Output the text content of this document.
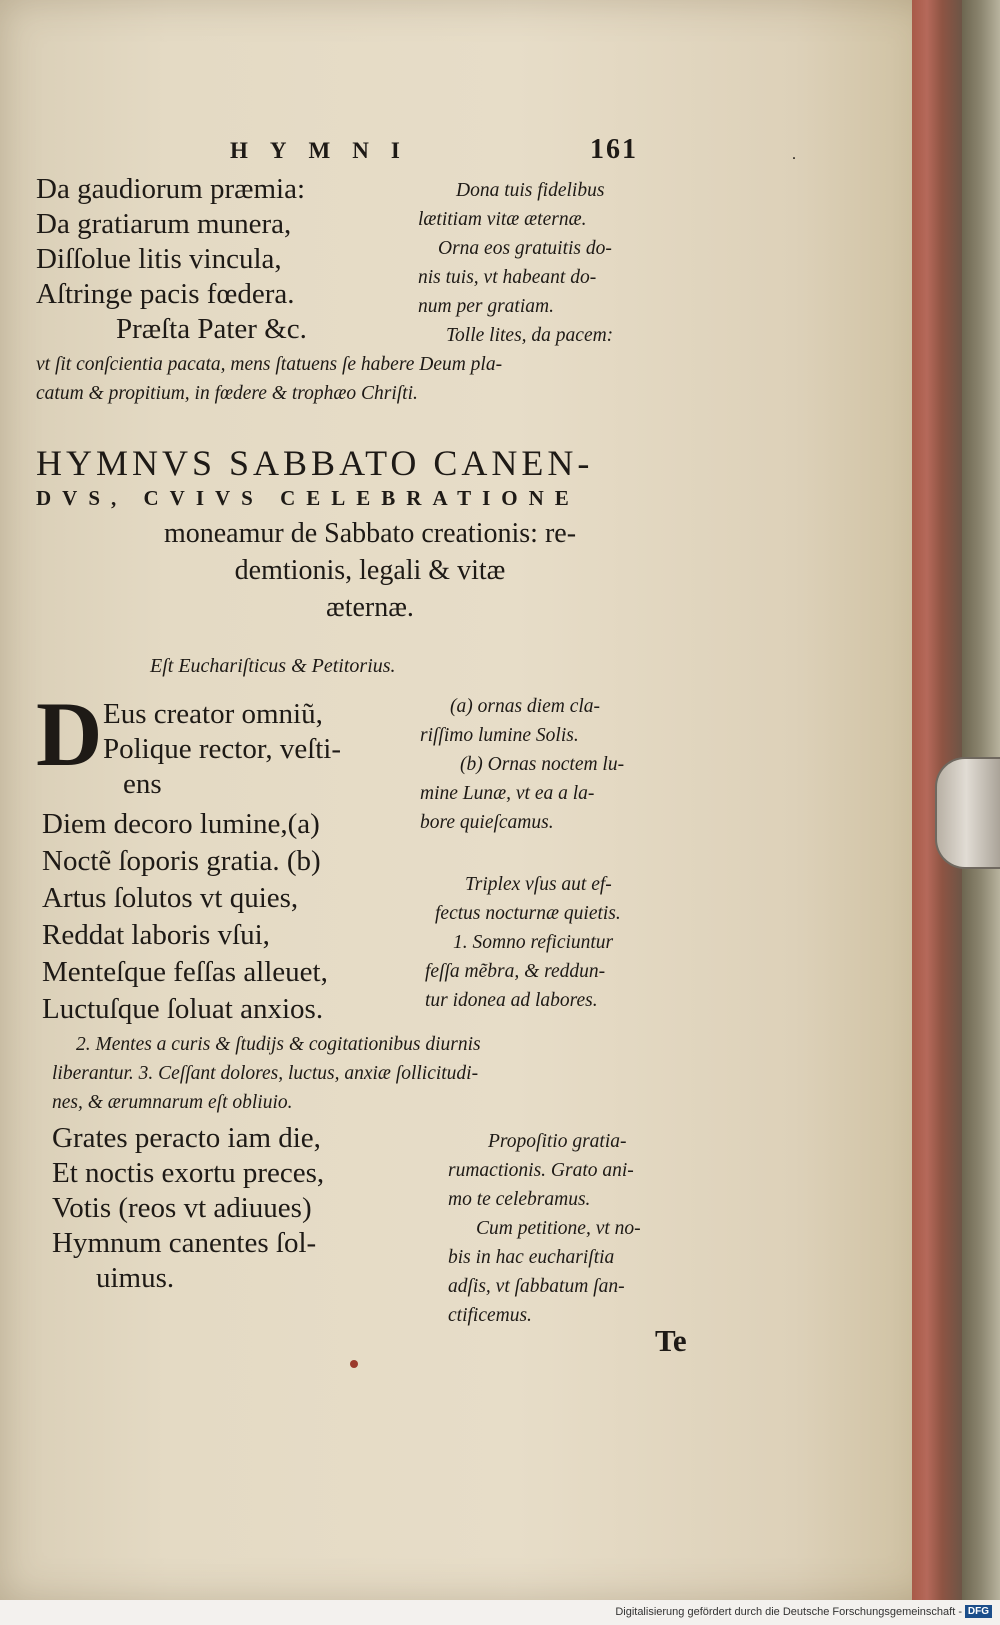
HYMNI	161	.
Da gaudiorum præmia:
Da gratiarum munera,
Diſſolue litis vincula,
Aſtringe pacis fœdera.
Præſta Pater &c.
Dona tuis fidelibus
lætitiam vitæ æternæ.
Orna eos gratuitis do-
nis tuis, vt habeant do-
num per gratiam.
Tolle lites, da pacem:
vt ſit conſcientia pacata, mens ſtatuens ſe habere Deum pla-
catum & propitium, in fœdere & trophæo Chriſti.
HYMNVS SABBATO CANEN-
DVS, CVIVS CELEBRATIONE
moneamur de Sabbato creationis: re-
demtionis, legali & vitæ
æternæ.
Eſt Euchariſticus & Petitorius.
D Eus creator omniũ,
Polique rector, veſti-
ens
Diem decoro lumine,(a)
Noctẽ ſoporis gratia. (b)
Artus ſolutos vt quies,
Reddat laboris vſui,
Menteſque feſſas alleuet,
Luctuſque ſoluat anxios.
(a) ornas diem cla-
riſſimo lumine Solis.
(b) Ornas noctem lu-
mine Lunæ, vt ea a la-
bore quieſcamus.
Triplex vſus aut ef-
fectus nocturnæ quietis.
1. Somno reficiuntur
feſſa mẽbra, & reddun-
tur idonea ad labores.
2. Mentes a curis & ſtudijs & cogitationibus diurnis
liberantur. 3. Ceſſant dolores, luctus, anxiæ ſollicitudi-
nes, & ærumnarum eſt obliuio.
Grates peracto iam die,
Et noctis exortu preces,
Votis (reos vt adiuues)
Hymnum canentes ſol-
uimus.
Propoſitio gratia-
rumactionis. Grato ani-
mo te celebramus.
Cum petitione, vt no-
bis in hac euchariſtia
adſis, vt ſabbatum ſan-
ctificemus.
Te
Digitalisierung gefördert durch die Deutsche Forschungsgemeinschaft - DFG
